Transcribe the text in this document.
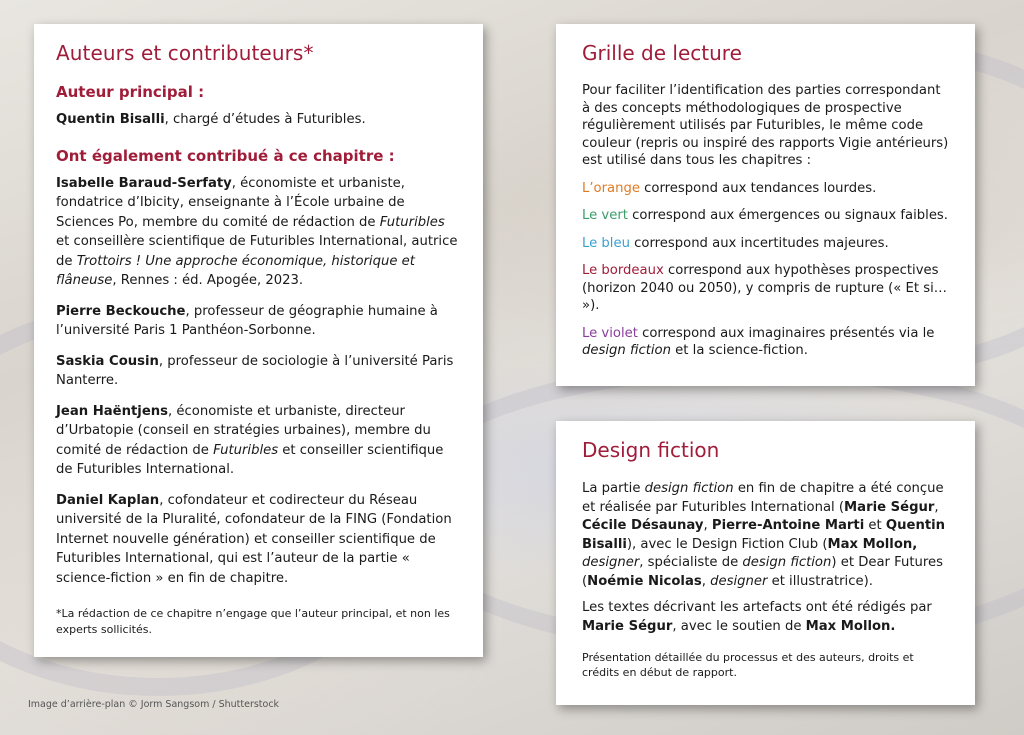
Auteurs et contributeurs*
Auteur principal :

Quentin Bisalli, chargé d’études à Futuribles.

Ont également contribué à ce chapitre :

Isabelle Baraud-Serfaty, économiste et urbaniste, fondatrice d’Ibicity, enseignante à l’École urbaine de Sciences Po, membre du comité de rédaction de Futuribles et conseillère scientifique de Futuribles International, autrice de Trottoirs ! Une approche économique, historique et flâneuse, Rennes : éd. Apogée, 2023.

Pierre Beckouche, professeur de géographie humaine à l’université Paris 1 Panthéon-Sorbonne.

Saskia Cousin, professeur de sociologie à l’université Paris Nanterre.

Jean Haëntjens, économiste et urbaniste, directeur d’Urbatopie (conseil en stratégies urbaines), membre du comité de rédaction de Futuribles et conseiller scientifique de Futuribles International.

Daniel Kaplan, cofondateur et codirecteur du Réseau université de la Pluralité, cofondateur de la FING (Fondation Internet nouvelle génération) et conseiller scientifique de Futuribles International, qui est l’auteur de la partie « science-fiction » en fin de chapitre.

*La rédaction de ce chapitre n’engage que l’auteur principal, et non les experts sollicités.

Grille de lecture

Pour faciliter l’identification des parties correspondant à des concepts méthodologiques de prospective régulièrement utilisés par Futuribles, le même code couleur (repris ou inspiré des rapports Vigie antérieurs) est utilisé dans tous les chapitres :

L’orange correspond aux tendances lourdes.

Le vert correspond aux émergences ou signaux faibles.

Le bleu correspond aux incertitudes majeures.

Le bordeaux correspond aux hypothèses prospectives (horizon 2040 ou 2050), y compris de rupture (« Et si… »).

Le violet correspond aux imaginaires présentés via le design fiction et la science-fiction.

Design fiction

La partie design fiction en fin de chapitre a été conçue et réalisée par Futuribles International (Marie Ségur, Cécile Désaunay, Pierre-Antoine Marti et Quentin Bisalli), avec le Design Fiction Club (Max Mollon, designer, spécialiste de design fiction) et Dear Futures (Noémie Nicolas, designer et illustratrice).

Les textes décrivant les artefacts ont été rédigés par Marie Ségur, avec le soutien de Max Mollon.

Présentation détaillée du processus et des auteurs, droits et crédits en début de rapport.

Image d’arrière-plan © Jorm Sangsom / Shutterstock
